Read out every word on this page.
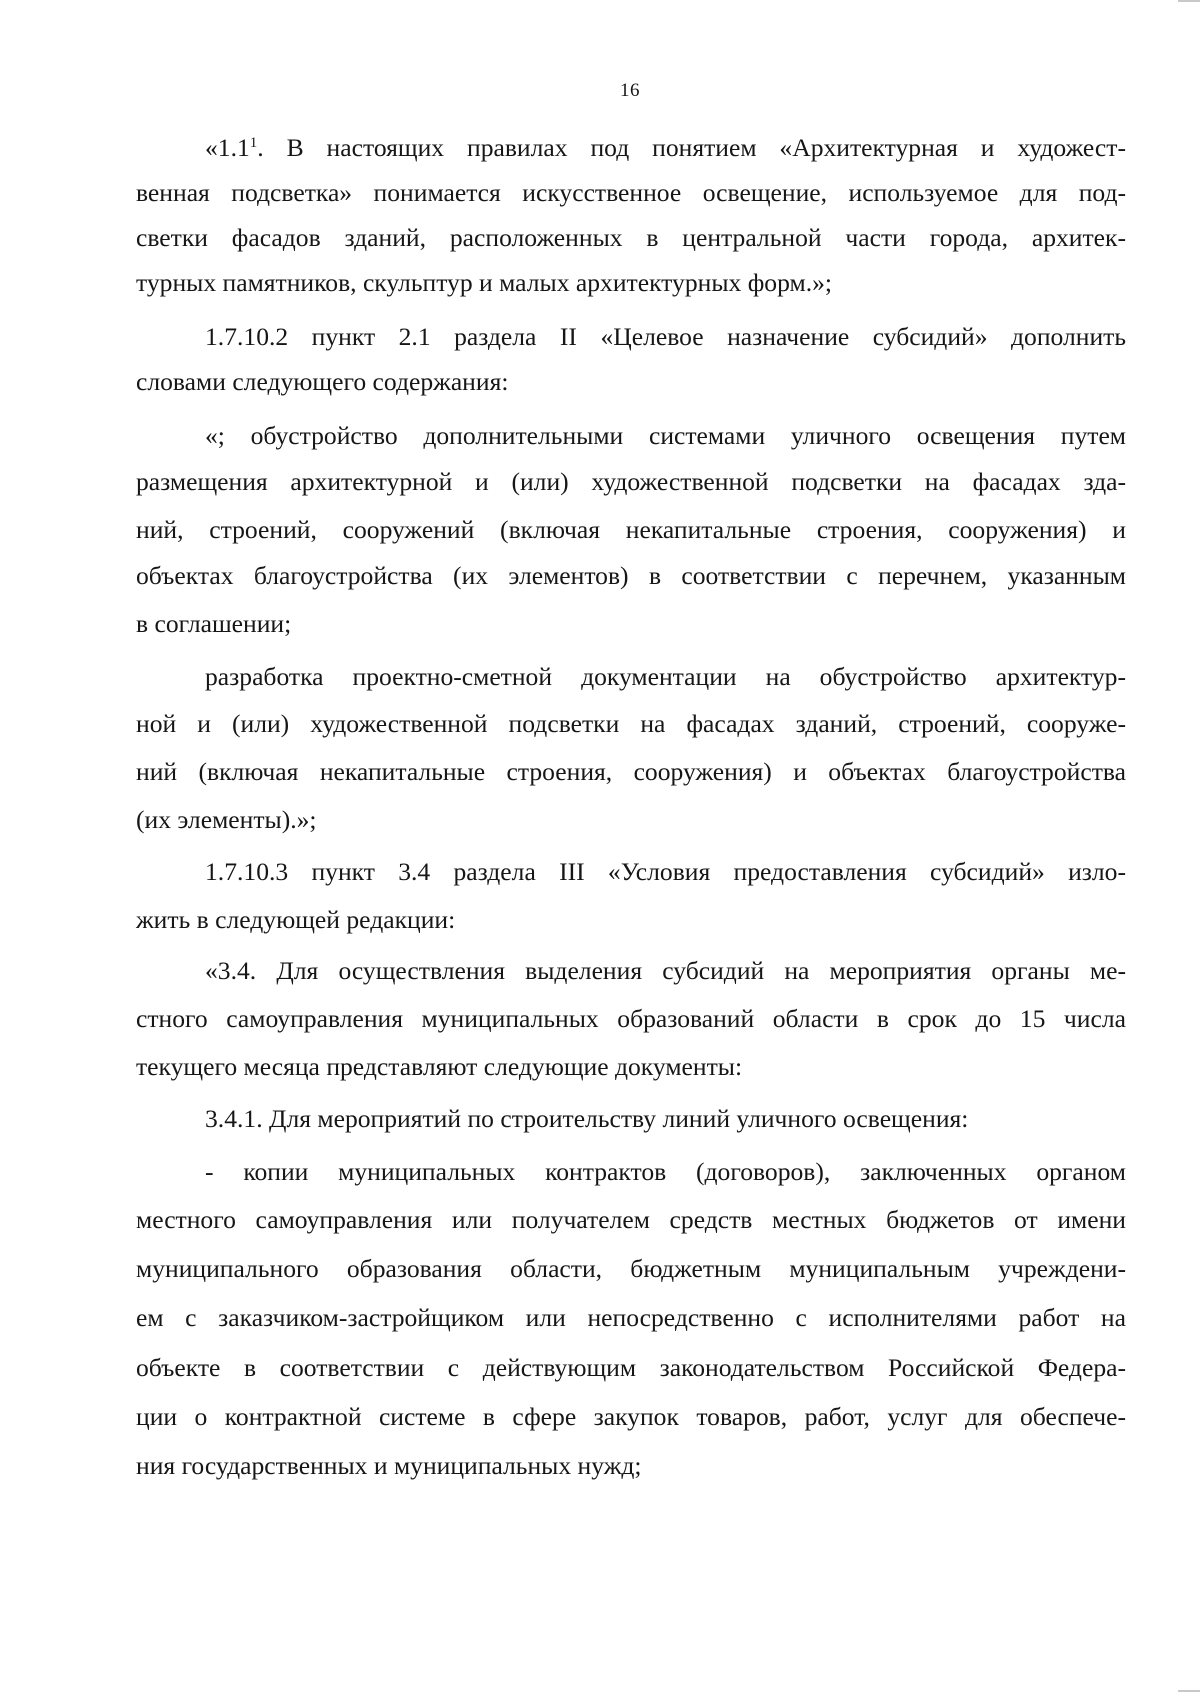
16
«$1.1^1$. В настоящих правилах под понятием «Архитектурная и художест-
венная подсветка» понимается искусственное освещение, используемое для под-
светки фасадов зданий, расположенных в центральной части города, архитек-
турных памятников, скульптур и малых архитектурных форм.»;
1.7.10.2 пункт 2.1 раздела II «Целевое назначение субсидий» дополнить
словами следующего содержания:
«; обустройство дополнительными системами уличного освещения путем
размещения архитектурной и (или) художественной подсветки на фасадах зда-
ний, строений, сооружений (включая некапитальные строения, сооружения) и
объектах благоустройства (их элементов) в соответствии с перечнем, указанным
в соглашении;
разработка проектно-сметной документации на обустройство архитектур-
ной и (или) художественной подсветки на фасадах зданий, строений, сооруже-
ний (включая некапитальные строения, сооружения) и объектах благоустройства
(их элементы).»;
1.7.10.3 пункт 3.4 раздела III «Условия предоставления субсидий» изло-
жить в следующей редакции:
«3.4. Для осуществления выделения субсидий на мероприятия органы ме-
стного самоуправления муниципальных образований области в срок до 15 числа
текущего месяца представляют следующие документы:
3.4.1. Для мероприятий по строительству линий уличного освещения:
- копии муниципальных контрактов (договоров), заключенных органом
местного самоуправления или получателем средств местных бюджетов от имени
муниципального образования области, бюджетным муниципальным учреждени-
ем с заказчиком-застройщиком или непосредственно с исполнителями работ на
объекте в соответствии с действующим законодательством Российской Федера-
ции о контрактной системе в сфере закупок товаров, работ, услуг для обеспече-
ния государственных и муниципальных нужд;
